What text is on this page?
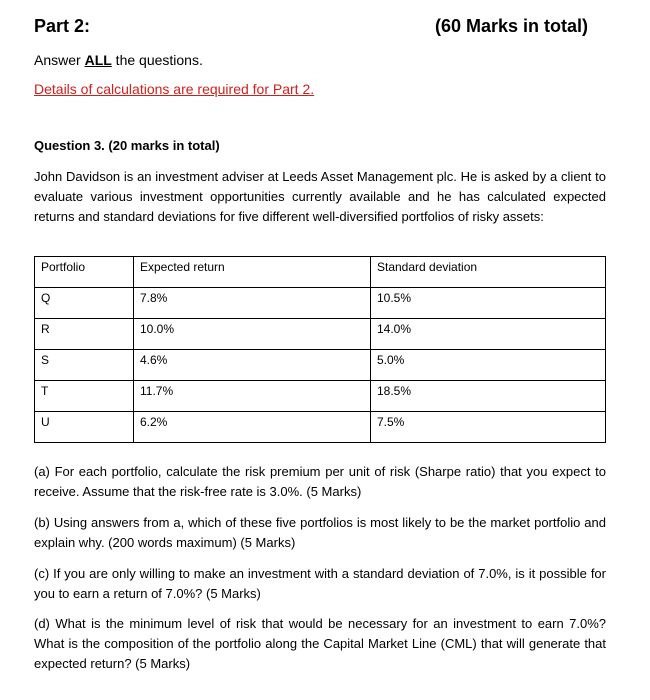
Part 2:	(60 Marks in total)
Answer ALL the questions.
Details of calculations are required for Part 2.
Question 3. (20 marks in total)

John Davidson is an investment adviser at Leeds Asset Management plc. He is asked by a client to evaluate various investment opportunities currently available and he has calculated expected returns and standard deviations for five different well-diversified portfolios of risky assets:

Portfolio	Expected return	Standard deviation
Q	7.8%	10.5%
R	10.0%	14.0%
S	4.6%	5.0%
T	11.7%	18.5%
U	6.2%	7.5%

(a) For each portfolio, calculate the risk premium per unit of risk (Sharpe ratio) that you expect to receive. Assume that the risk-free rate is 3.0%. (5 Marks)

(b) Using answers from a, which of these five portfolios is most likely to be the market portfolio and explain why. (200 words maximum) (5 Marks)

(c) If you are only willing to make an investment with a standard deviation of 7.0%, is it possible for you to earn a return of 7.0%? (5 Marks)

(d) What is the minimum level of risk that would be necessary for an investment to earn 7.0%? What is the composition of the portfolio along the Capital Market Line (CML) that will generate that expected return? (5 Marks)
